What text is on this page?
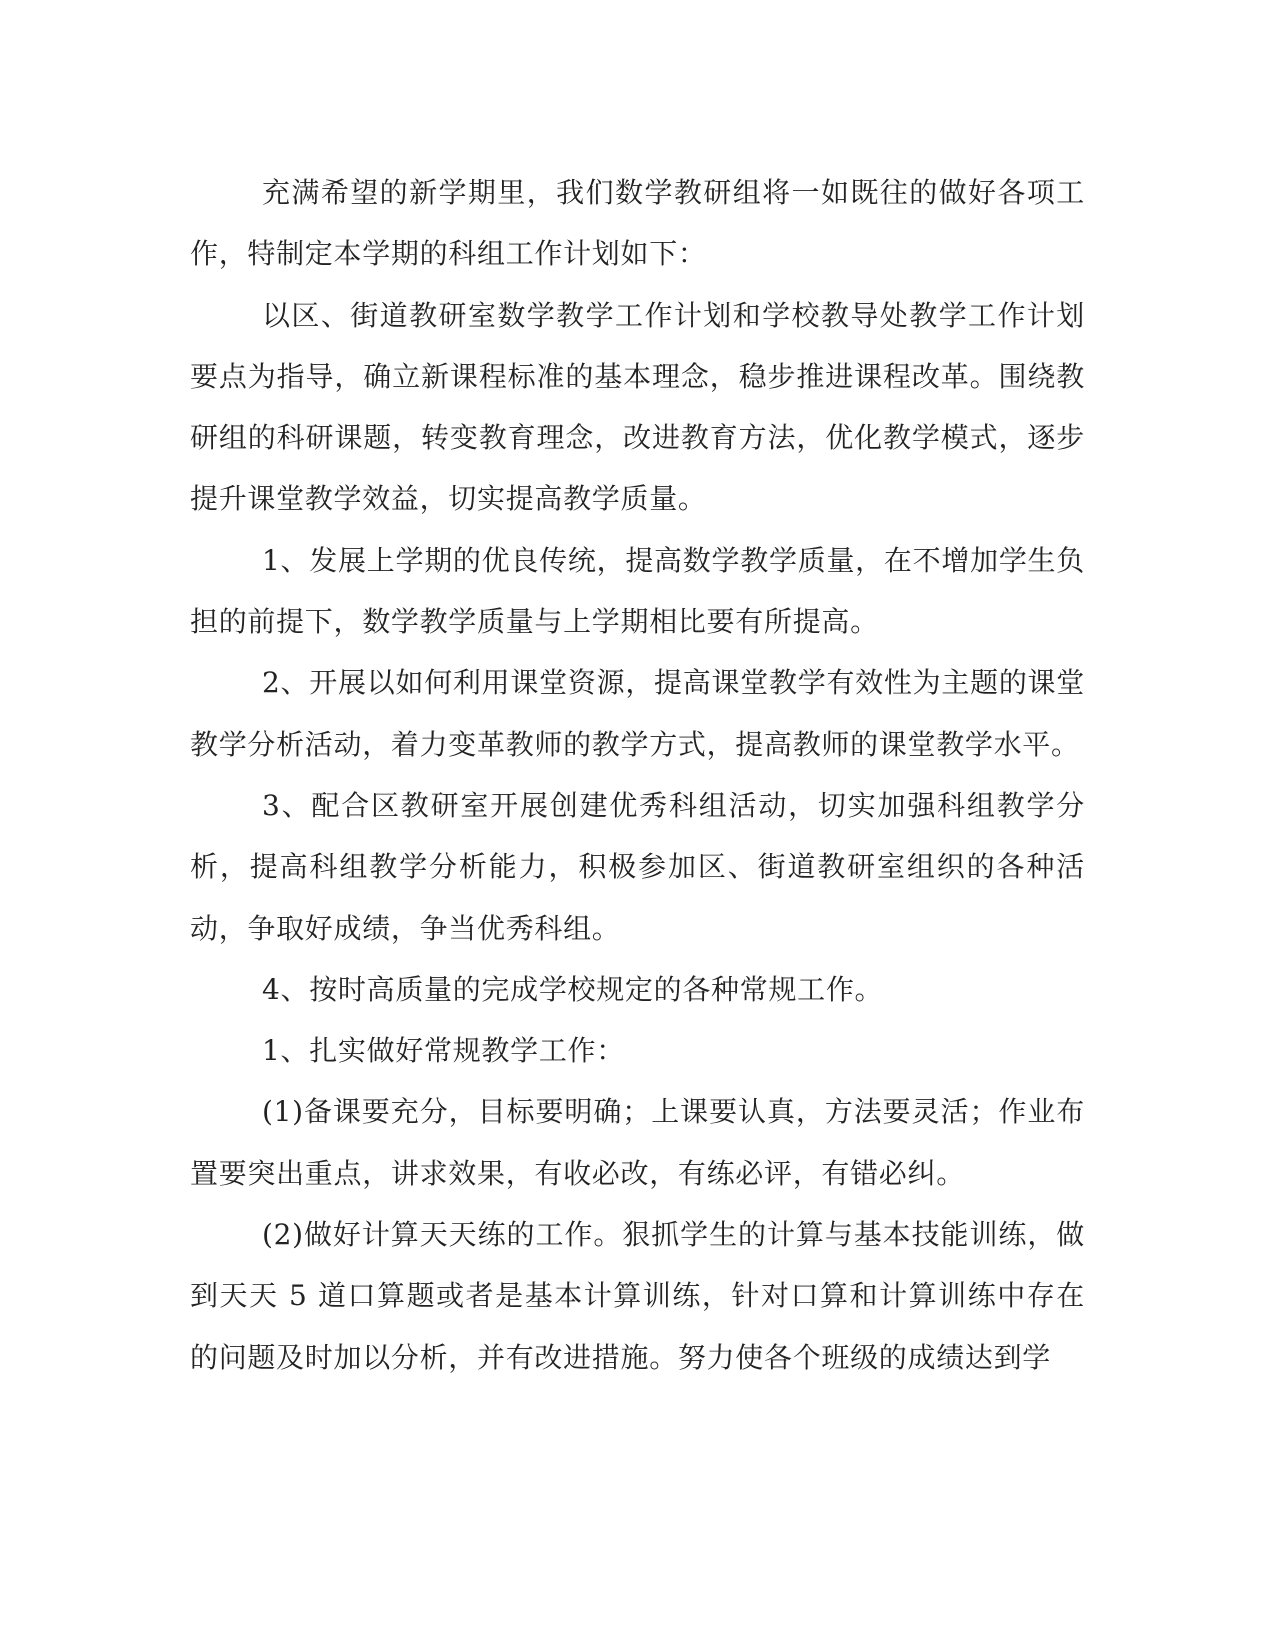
充满希望的新学期里，我们数学教研组将一如既往的做好各项工作，特制定本学期的科组工作计划如下：

以区、街道教研室数学教学工作计划和学校教导处教学工作计划要点为指导，确立新课程标准的基本理念，稳步推进课程改革。围绕教研组的科研课题，转变教育理念，改进教育方法，优化教学模式，逐步提升课堂教学效益，切实提高教学质量。

1、发展上学期的优良传统，提高数学教学质量，在不增加学生负担的前提下，数学教学质量与上学期相比要有所提高。

2、开展以如何利用课堂资源，提高课堂教学有效性为主题的课堂教学分析活动，着力变革教师的教学方式，提高教师的课堂教学水平。

3、配合区教研室开展创建优秀科组活动，切实加强科组教学分析，提高科组教学分析能力，积极参加区、街道教研室组织的各种活动，争取好成绩，争当优秀科组。

4、按时高质量的完成学校规定的各种常规工作。

1、扎实做好常规教学工作：

(1)备课要充分，目标要明确；上课要认真，方法要灵活；作业布置要突出重点，讲求效果，有收必改，有练必评，有错必纠。

(2)做好计算天天练的工作。狠抓学生的计算与基本技能训练，做到天天 5 道口算题或者是基本计算训练，针对口算和计算训练中存在的问题及时加以分析，并有改进措施。努力使各个班级的成绩达到学
